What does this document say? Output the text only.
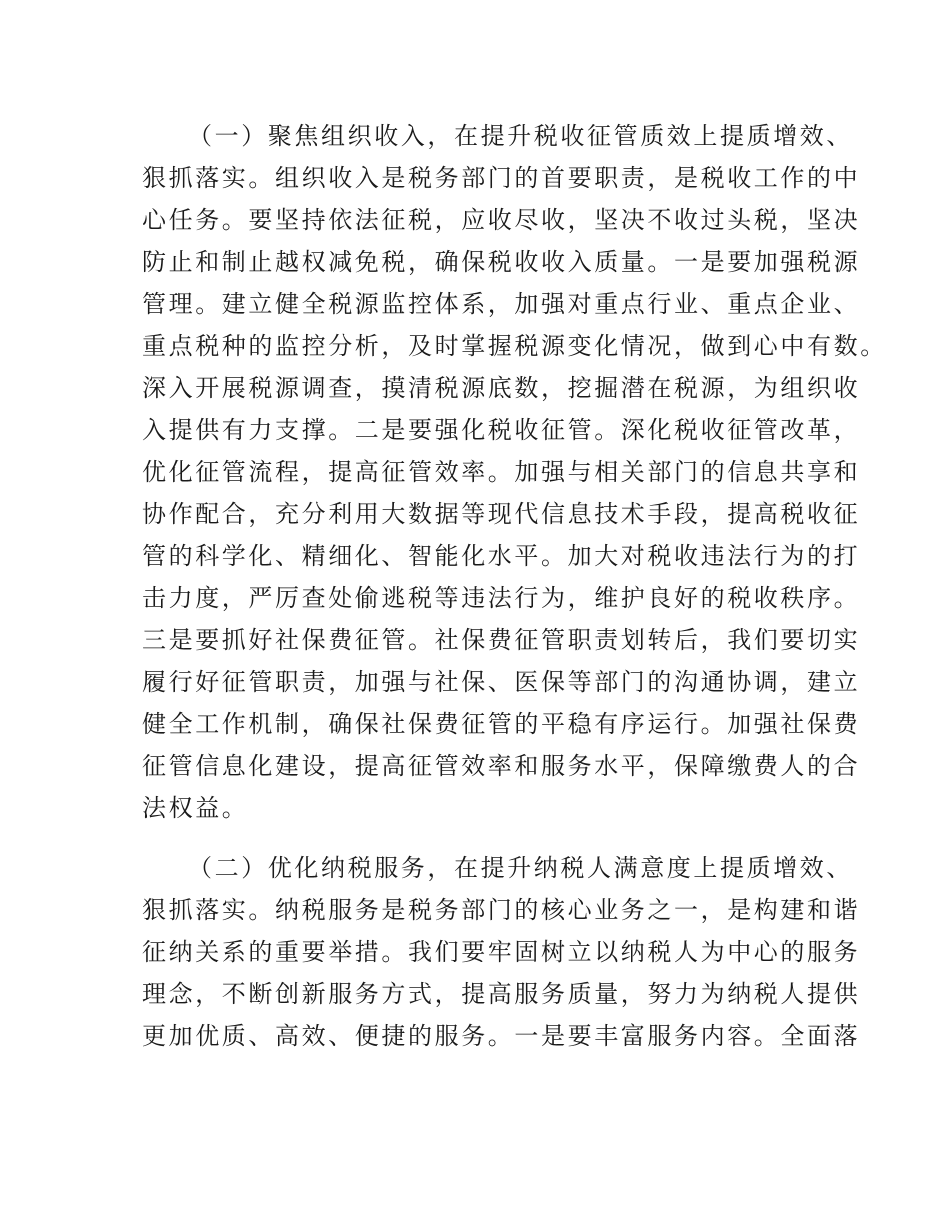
（一）聚焦组织收入，在提升税收征管质效上提质增效、
狠抓落实。组织收入是税务部门的首要职责，是税收工作的中
心任务。要坚持依法征税，应收尽收，坚决不收过头税，坚决
防止和制止越权减免税，确保税收收入质量。一是要加强税源
管理。建立健全税源监控体系，加强对重点行业、重点企业、
重点税种的监控分析，及时掌握税源变化情况，做到心中有数。
深入开展税源调查，摸清税源底数，挖掘潜在税源，为组织收
入提供有力支撑。二是要强化税收征管。深化税收征管改革，
优化征管流程，提高征管效率。加强与相关部门的信息共享和
协作配合，充分利用大数据等现代信息技术手段，提高税收征
管的科学化、精细化、智能化水平。加大对税收违法行为的打
击力度，严厉查处偷逃税等违法行为，维护良好的税收秩序。
三是要抓好社保费征管。社保费征管职责划转后，我们要切实
履行好征管职责，加强与社保、医保等部门的沟通协调，建立
健全工作机制，确保社保费征管的平稳有序运行。加强社保费
征管信息化建设，提高征管效率和服务水平，保障缴费人的合
法权益。
（二）优化纳税服务，在提升纳税人满意度上提质增效、
狠抓落实。纳税服务是税务部门的核心业务之一，是构建和谐
征纳关系的重要举措。我们要牢固树立以纳税人为中心的服务
理念，不断创新服务方式，提高服务质量，努力为纳税人提供
更加优质、高效、便捷的服务。一是要丰富服务内容。全面落
